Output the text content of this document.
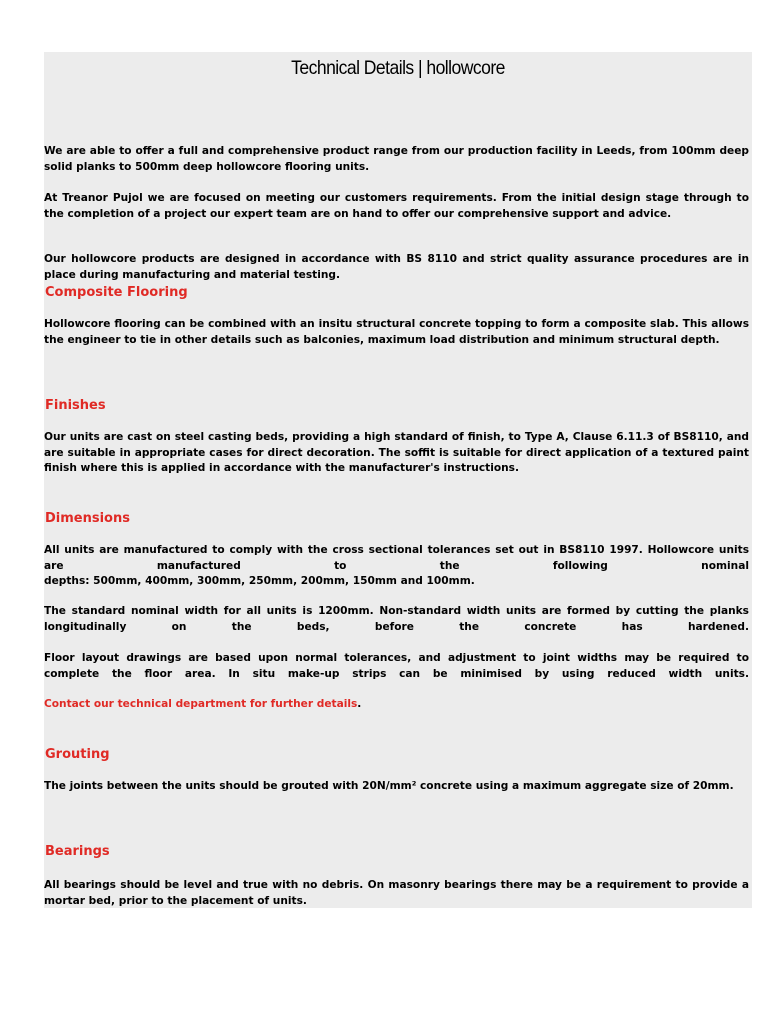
Technical Details | hollowcore
We are able to offer a full and comprehensive product range from our production facility in Leeds, from 100mm deep solid planks to 500mm deep hollowcore flooring units.
At Treanor Pujol we are focused on meeting our customers requirements. From the initial design stage through to the completion of a project our expert team are on hand to offer our comprehensive support and advice.
Our hollowcore products are designed in accordance with BS 8110 and strict quality assurance procedures are in place during manufacturing and material testing.
Composite Flooring
Hollowcore flooring can be combined with an insitu structural concrete topping to form a composite slab. This allows the engineer to tie in other details such as balconies, maximum load distribution and minimum structural depth.
Finishes
Our units are cast on steel casting beds, providing a high standard of finish, to Type A, Clause 6.11.3 of BS8110, and are suitable in appropriate cases for direct decoration. The soffit is suitable for direct application of a textured paint finish where this is applied in accordance with the manufacturer's instructions.
Dimensions
All units are manufactured to comply with the cross sectional tolerances set out in BS8110 1997. Hollowcore units are manufactured to the following nominal
depths: 500mm, 400mm, 300mm, 250mm, 200mm, 150mm and 100mm.
The standard nominal width for all units is 1200mm. Non-standard width units are formed by cutting the planks longitudinally on the beds, before the concrete has hardened.
Floor layout drawings are based upon normal tolerances, and adjustment to joint widths may be required to complete the floor area. In situ make-up strips can be minimised by using reduced width units.
Contact our technical department for further details.
Grouting
The joints between the units should be grouted with 20N/mm² concrete using a maximum aggregate size of 20mm.
Bearings
All bearings should be level and true with no debris. On masonry bearings there may be a requirement to provide a mortar bed, prior to the placement of units.
